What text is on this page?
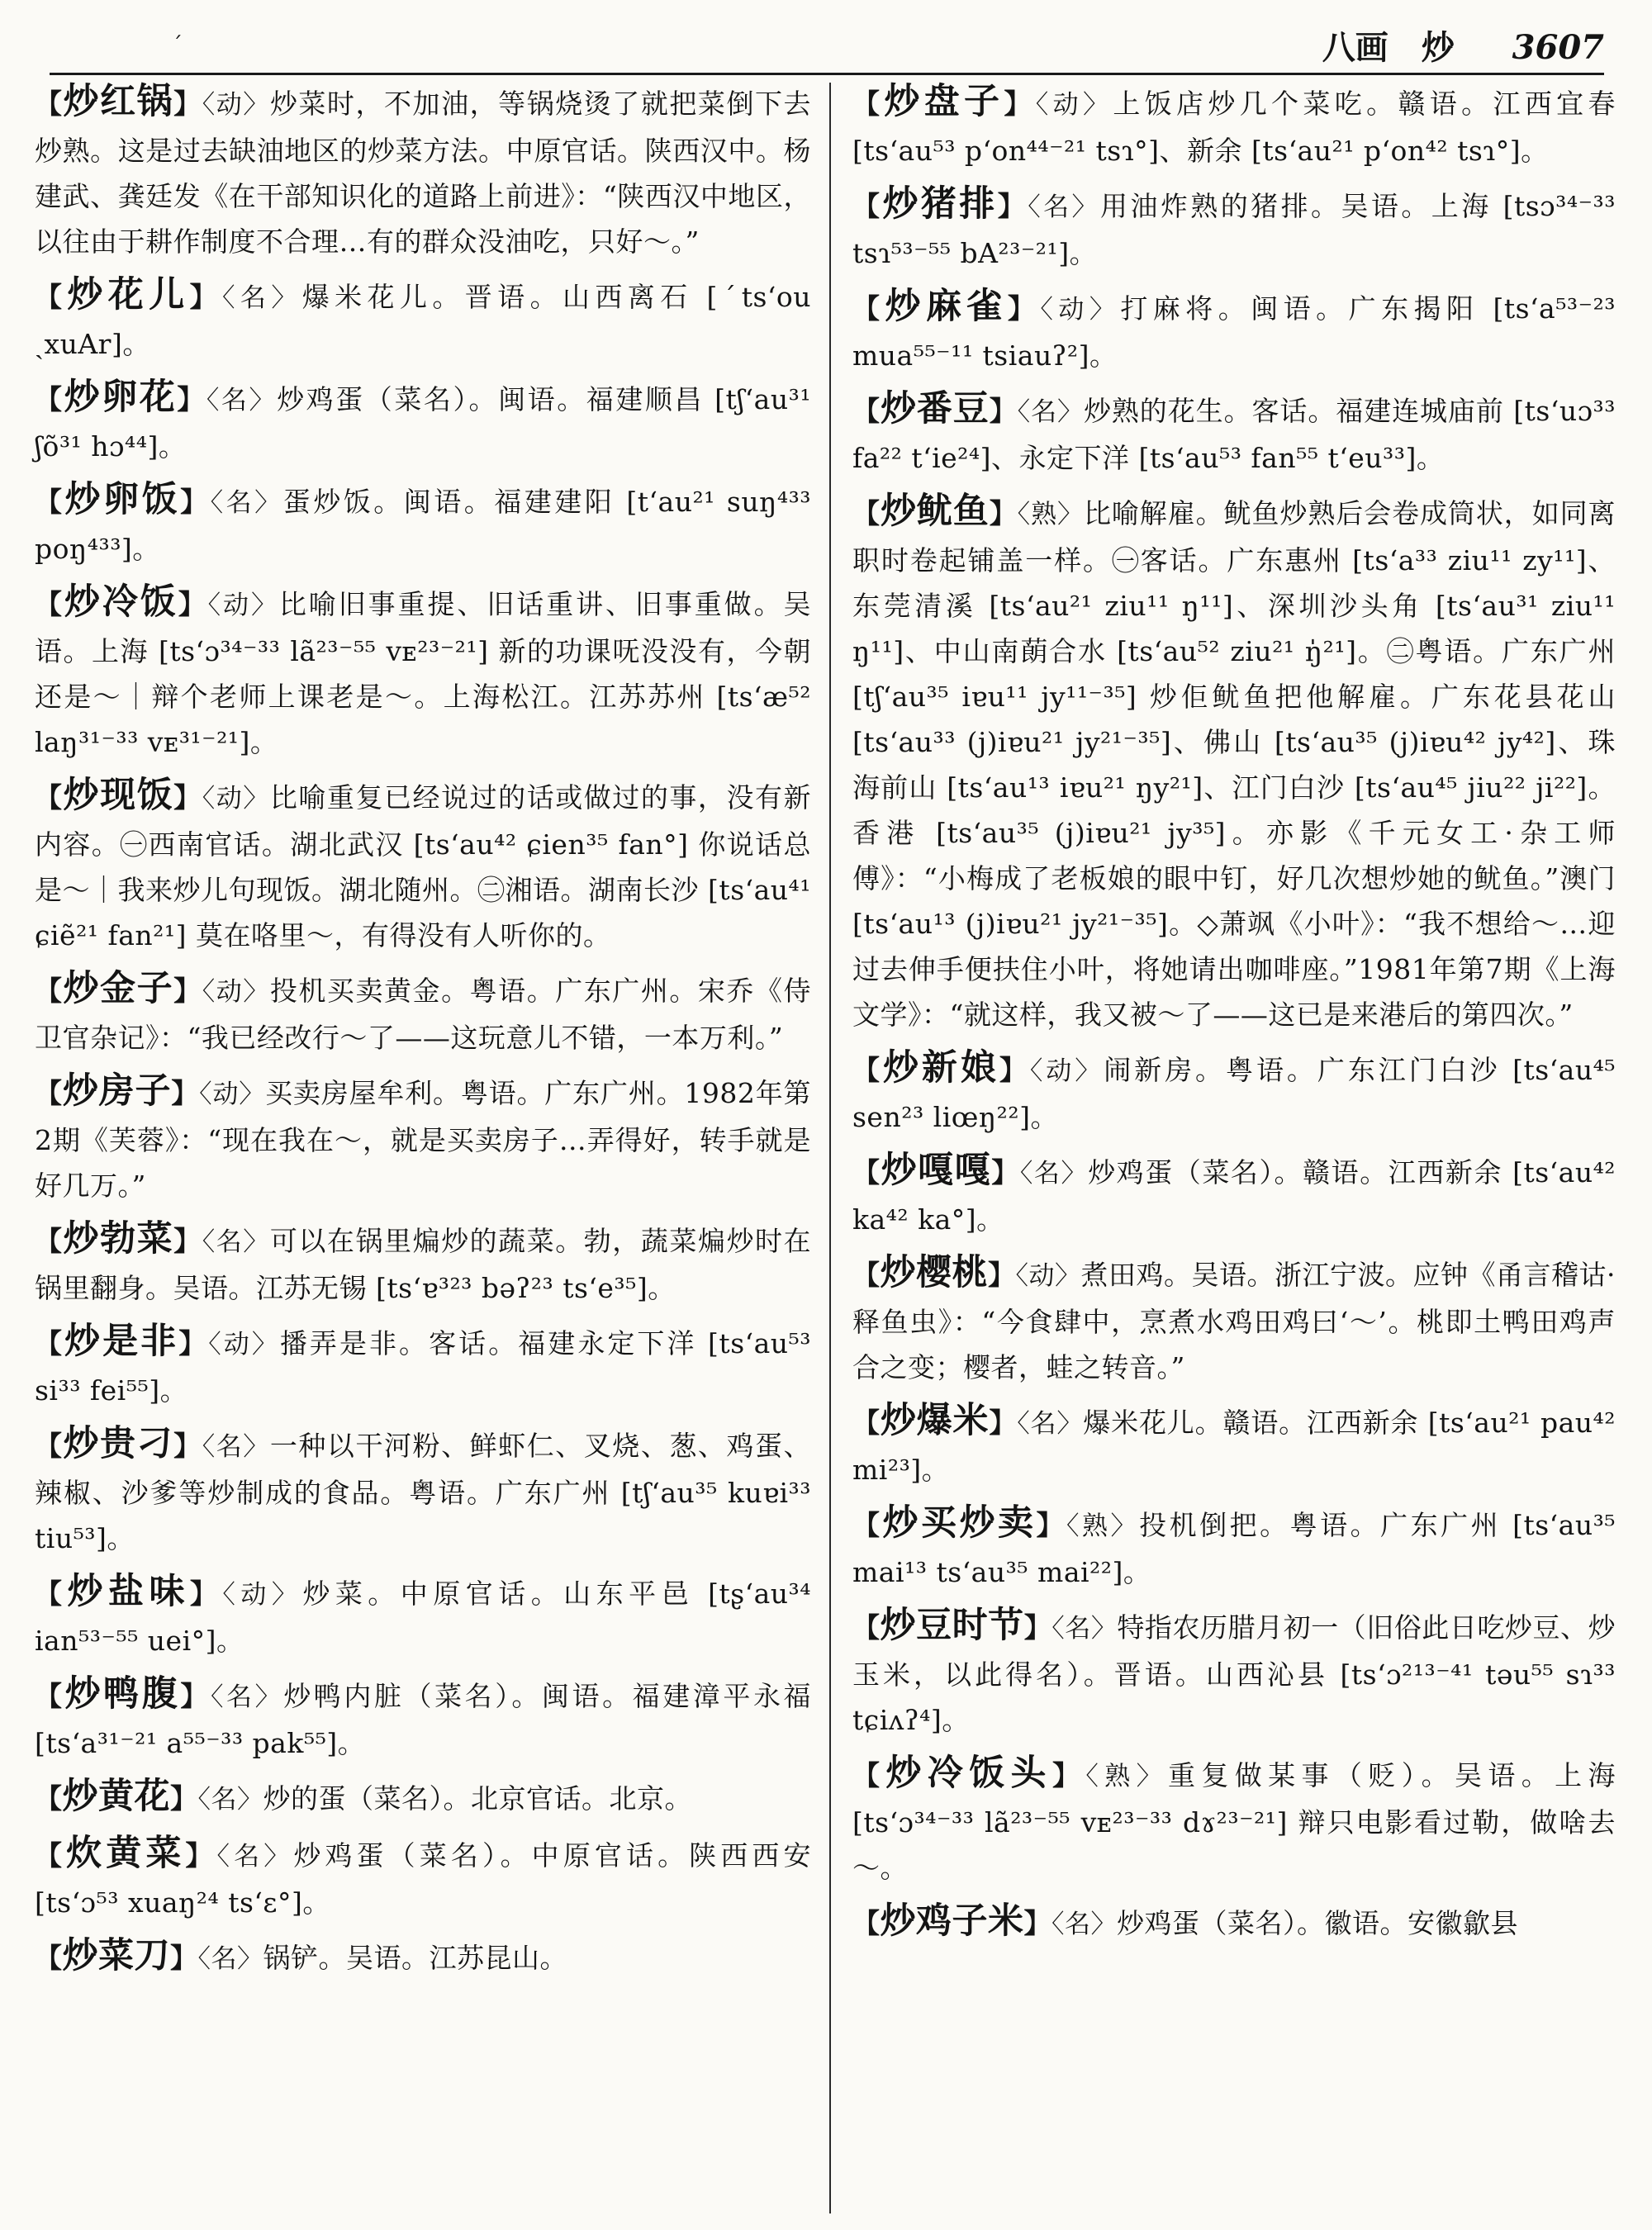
ˊ	八画 炒 3607
【炒红锅】〈动〉炒菜时，不加油，等锅烧烫了就把菜倒下去炒熟。这是过去缺油地区的炒菜方法。中原官话。陕西汉中。杨建武、龚廷发《在干部知识化的道路上前进》：“陕西汉中地区，以往由于耕作制度不合理…有的群众没油吃，只好～。”
【炒花儿】〈名〉爆米花儿。晋语。山西离石 [ˊts‘ou ˏxuAr]。
【炒卵花】〈名〉炒鸡蛋（菜名）。闽语。福建顺昌 [tʃ‘au³¹ ʃõ³¹ hɔ⁴⁴]。
【炒卵饭】〈名〉蛋炒饭。闽语。福建建阳 [t‘au²¹ suŋ⁴³³ poŋ⁴³³]。
【炒冷饭】〈动〉比喻旧事重提、旧话重讲、旧事重做。吴语。上海 [ts‘ɔ³⁴⁻³³ lã²³⁻⁵⁵ vᴇ²³⁻²¹] 新的功课呒没没有，今朝还是～｜辩个老师上课老是～。上海松江。江苏苏州 [ts‘æ⁵² laŋ³¹⁻³³ vᴇ³¹⁻²¹]。
【炒现饭】〈动〉比喻重复已经说过的话或做过的事，没有新内容。㊀西南官话。湖北武汉 [ts‘au⁴² ɕien³⁵ fan°] 你说话总是～｜我来炒儿句现饭。湖北随州。㊁湘语。湖南长沙 [ts‘au⁴¹ ɕiẽ²¹ fan²¹] 莫在咯里～，有得没有人听你的。
【炒金子】〈动〉投机买卖黄金。粤语。广东广州。宋乔《侍卫官杂记》：“我已经改行～了——这玩意儿不错，一本万利。”
【炒房子】〈动〉买卖房屋牟利。粤语。广东广州。1982年第2期《芙蓉》：“现在我在～，就是买卖房子…弄得好，转手就是好几万。”
【炒勃菜】〈名〉可以在锅里煸炒的蔬菜。勃，蔬菜煸炒时在锅里翻身。吴语。江苏无锡 [ts‘ɐ³²³ bəʔ²³ ts‘e³⁵]。
【炒是非】〈动〉播弄是非。客话。福建永定下洋 [ts‘au⁵³ si³³ fei⁵⁵]。
【炒贵刁】〈名〉一种以干河粉、鲜虾仁、叉烧、葱、鸡蛋、辣椒、沙爹等炒制成的食品。粤语。广东广州 [tʃ‘au³⁵ kuɐi³³ tiu⁵³]。
【炒盐味】〈动〉炒菜。中原官话。山东平邑 [tʂ‘au³⁴ ian⁵³⁻⁵⁵ uei°]。
【炒鸭腹】〈名〉炒鸭内脏（菜名）。闽语。福建漳平永福 [ts‘a³¹⁻²¹ a⁵⁵⁻³³ pak⁵⁵]。
【炒黄花】〈名〉炒的蛋（菜名）。北京官话。北京。
【炊黄菜】〈名〉炒鸡蛋（菜名）。中原官话。陕西西安 [ts‘ɔ⁵³ xuaŋ²⁴ ts‘ɛ°]。
【炒菜刀】〈名〉锅铲。吴语。江苏昆山。
【炒盘子】〈动〉上饭店炒几个菜吃。赣语。江西宜春 [ts‘au⁵³ p‘on⁴⁴⁻²¹ tsɿ°]、新余 [ts‘au²¹ p‘on⁴² tsɿ°]。
【炒猪排】〈名〉用油炸熟的猪排。吴语。上海 [tsɔ³⁴⁻³³ tsɿ⁵³⁻⁵⁵ bA²³⁻²¹]。
【炒麻雀】〈动〉打麻将。闽语。广东揭阳 [ts‘a⁵³⁻²³ mua⁵⁵⁻¹¹ tsiauʔ²]。
【炒番豆】〈名〉炒熟的花生。客话。福建连城庙前 [ts‘uɔ³³ fa²² t‘ie²⁴]、永定下洋 [ts‘au⁵³ fan⁵⁵ t‘eu³³]。
【炒鱿鱼】〈熟〉比喻解雇。鱿鱼炒熟后会卷成筒状，如同离职时卷起铺盖一样。㊀客话。广东惠州 [ts‘a³³ ziu¹¹ zy¹¹]、东莞清溪 [ts‘au²¹ ziu¹¹ ŋ¹¹]、深圳沙头角 [ts‘au³¹ ziu¹¹ ŋ¹¹]、中山南蓢合水 [ts‘au⁵² ziu²¹ ŋ̍²¹]。㊁粤语。广东广州 [tʃ‘au³⁵ iɐu¹¹ jy¹¹⁻³⁵] 炒佢鱿鱼把他解雇。广东花县花山 [ts‘au³³ (j)iɐu²¹ jy²¹⁻³⁵]、佛山 [ts‘au³⁵ (j)iɐu⁴² jy⁴²]、珠海前山 [ts‘au¹³ iɐu²¹ ŋy²¹]、江门白沙 [ts‘au⁴⁵ jiu²² ji²²]。香港 [ts‘au³⁵ (j)iɐu²¹ jy³⁵]。亦影《千元女工·杂工师傅》：“小梅成了老板娘的眼中钉，好几次想炒她的鱿鱼。”澳门 [ts‘au¹³ (j)iɐu²¹ jy²¹⁻³⁵]。◇萧飒《小叶》：“我不想给～…迎过去伸手便扶住小叶，将她请出咖啡座。”1981年第7期《上海文学》：“就这样，我又被～了——这已是来港后的第四次。”
【炒新娘】〈动〉闹新房。粤语。广东江门白沙 [ts‘au⁴⁵ sen²³ liœŋ²²]。
【炒嘎嘎】〈名〉炒鸡蛋（菜名）。赣语。江西新余 [ts‘au⁴² ka⁴² ka°]。
【炒樱桃】〈动〉煮田鸡。吴语。浙江宁波。应钟《甬言稽诂·释鱼虫》：“今食肆中，烹煮水鸡田鸡曰‘～’。桃即土鸭田鸡声合之变；樱者，蛙之转音。”
【炒爆米】〈名〉爆米花儿。赣语。江西新余 [ts‘au²¹ pau⁴² mi²³]。
【炒买炒卖】〈熟〉投机倒把。粤语。广东广州 [ts‘au³⁵ mai¹³ ts‘au³⁵ mai²²]。
【炒豆时节】〈名〉特指农历腊月初一（旧俗此日吃炒豆、炒玉米，以此得名）。晋语。山西沁县 [ts‘ɔ²¹³⁻⁴¹ təu⁵⁵ sɿ³³ tɕiʌʔ⁴]。
【炒冷饭头】〈熟〉重复做某事（贬）。吴语。上海 [ts‘ɔ³⁴⁻³³ lã²³⁻⁵⁵ vᴇ²³⁻³³ dɤ²³⁻²¹] 辩只电影看过勒，做啥去～。
【炒鸡子米】〈名〉炒鸡蛋（菜名）。徽语。安徽歙县
